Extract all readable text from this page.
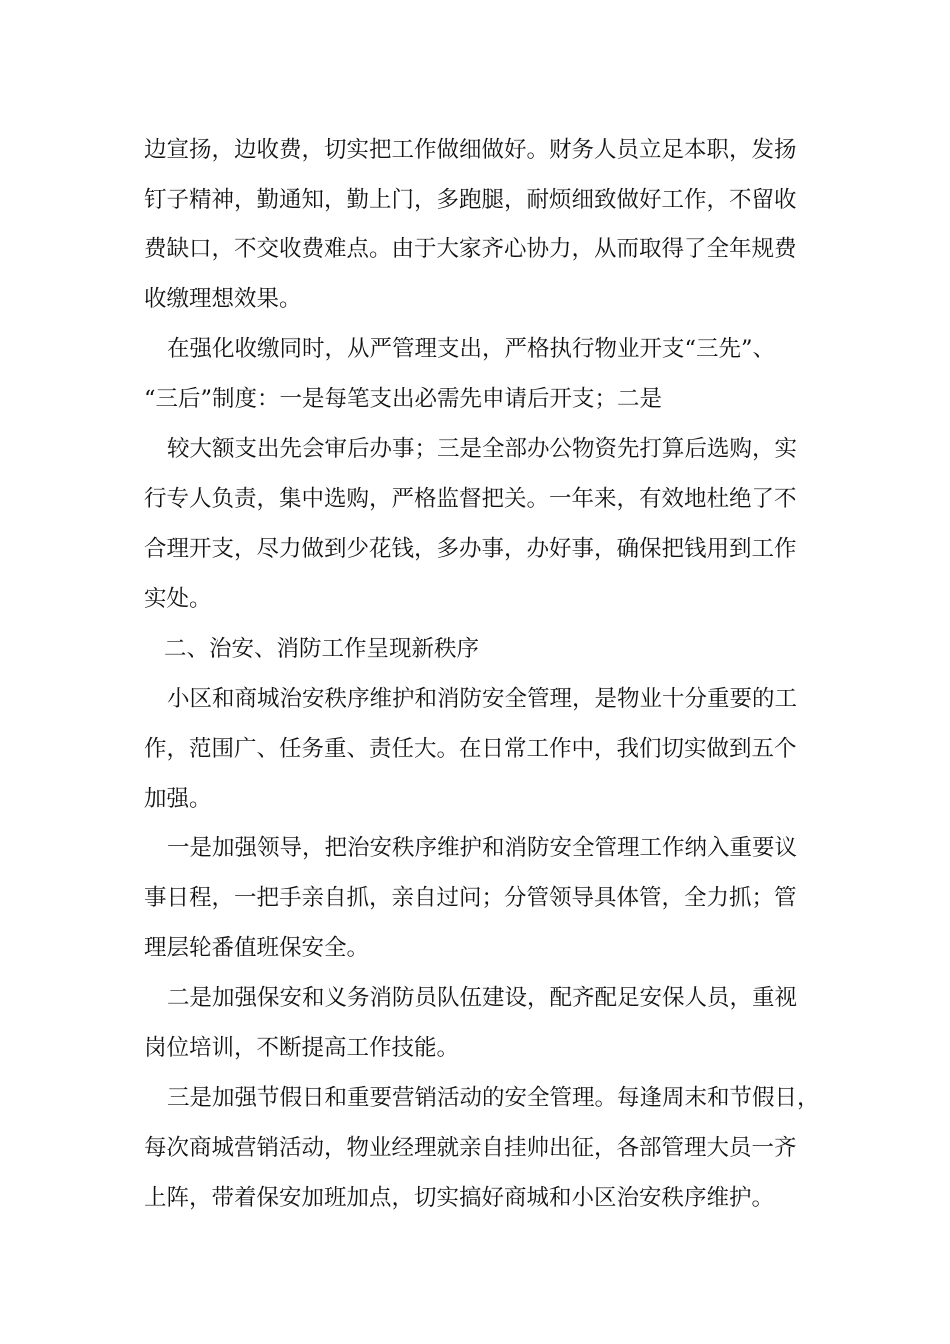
边宣扬，边收费，切实把工作做细做好。财务人员立足本职，发扬

钉子精神，勤通知，勤上门，多跑腿，耐烦细致做好工作，不留收

费缺口，不交收费难点。由于大家齐心协力，从而取得了全年规费

收缴理想效果。

在强化收缴同时，从严管理支出，严格执行物业开支“三先”、

“三后”制度：一是每笔支出必需先申请后开支；二是

较大额支出先会审后办事；三是全部办公物资先打算后选购，实

行专人负责，集中选购，严格监督把关。一年来，有效地杜绝了不

合理开支，尽力做到少花钱，多办事，办好事，确保把钱用到工作

实处。

二、治安、消防工作呈现新秩序

小区和商城治安秩序维护和消防安全管理，是物业十分重要的工

作，范围广、任务重、责任大。在日常工作中，我们切实做到五个

加强。

一是加强领导，把治安秩序维护和消防安全管理工作纳入重要议

事日程，一把手亲自抓，亲自过问；分管领导具体管，全力抓；管

理层轮番值班保安全。

二是加强保安和义务消防员队伍建设，配齐配足安保人员，重视

岗位培训，不断提高工作技能。

三是加强节假日和重要营销活动的安全管理。每逢周末和节假日，

每次商城营销活动，物业经理就亲自挂帅出征，各部管理大员一齐

上阵，带着保安加班加点，切实搞好商城和小区治安秩序维护。
